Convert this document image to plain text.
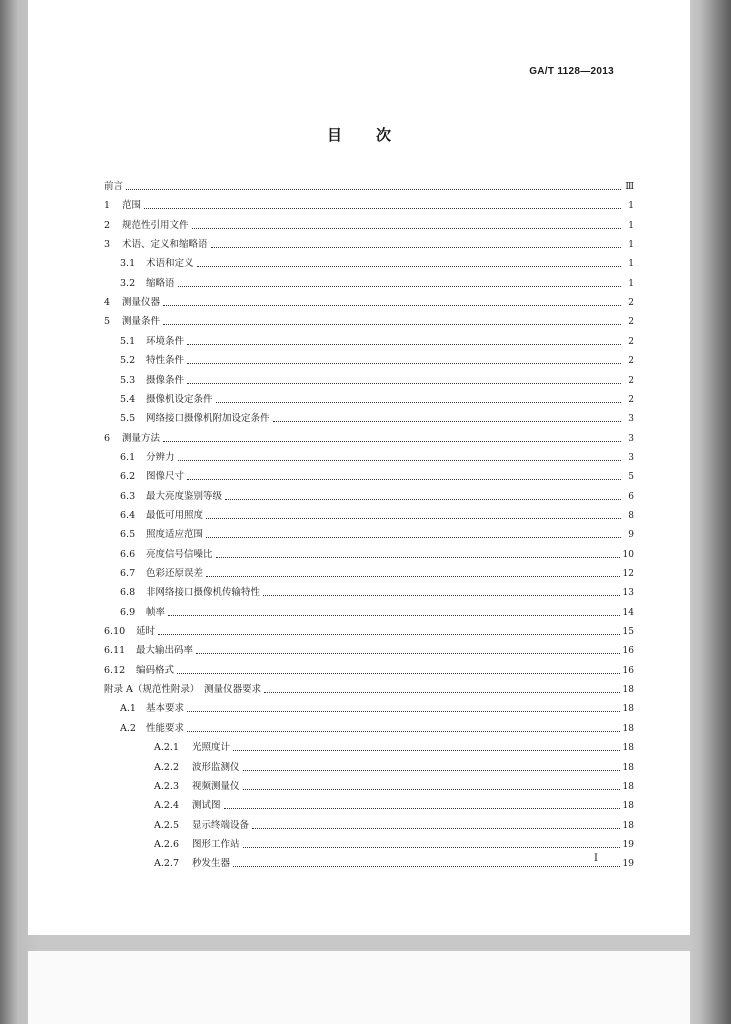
GA/T 1128—2013
目次
前言	Ⅲ
1	范围	1
2	规范性引用文件	1
3	术语、定义和缩略语	1
3.1	术语和定义	1
3.2	缩略语	1
4	测量仪器	2
5	测量条件	2
5.1	环境条件	2
5.2	特性条件	2
5.3	摄像条件	2
5.4	摄像机设定条件	2
5.5	网络接口摄像机附加设定条件	3
6	测量方法	3
6.1	分辨力	3
6.2	图像尺寸	5
6.3	最大亮度鉴别等级	6
6.4	最低可用照度	8
6.5	照度适应范围	9
6.6	亮度信号信噪比	10
6.7	色彩还原误差	12
6.8	非网络接口摄像机传输特性	13
6.9	帧率	14
6.10	延时	15
6.11	最大输出码率	16
6.12	编码格式	16
附录 A（规范性附录）　测量仪器要求	18
A.1	基本要求	18
A.2	性能要求	18
A.2.1	光照度计	18
A.2.2	波形监测仪	18
A.2.3	视频测量仪	18
A.2.4	测试图	18
A.2.5	显示终端设备	18
A.2.6	图形工作站	19
A.2.7	秒发生器	19
I
